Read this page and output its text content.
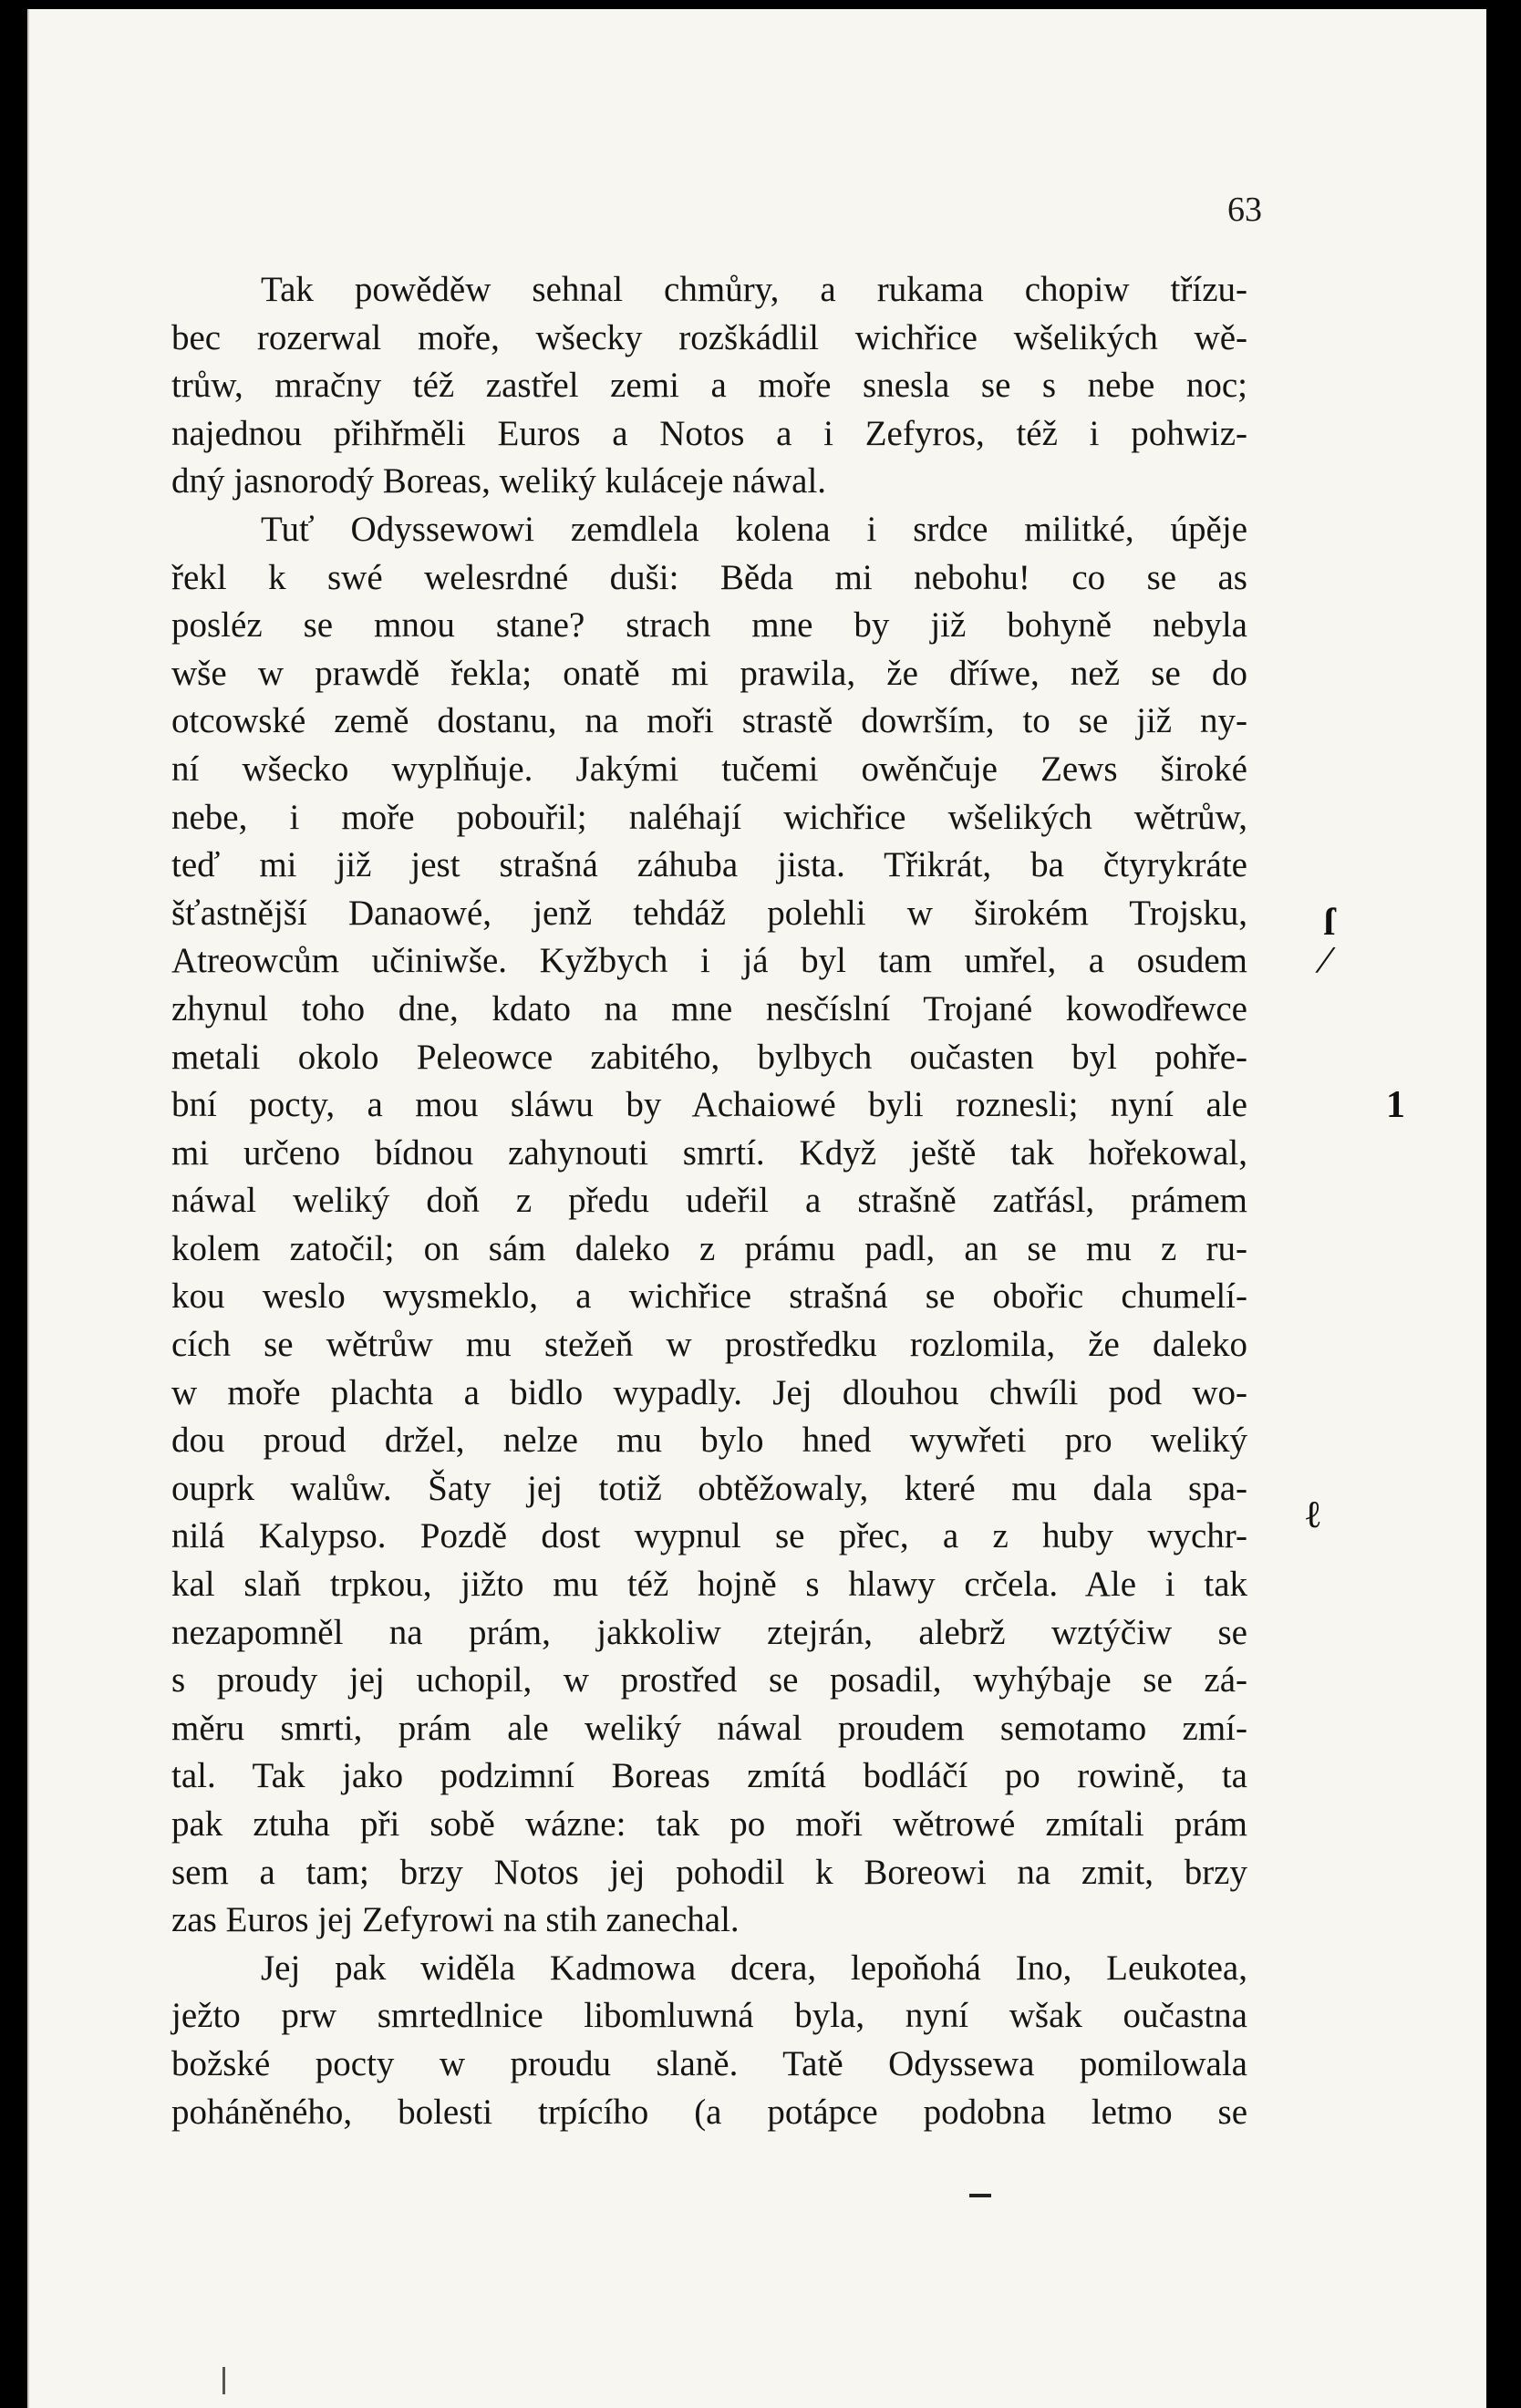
63
Tak powěděw sehnal chmůry, a rukama chopiw třízu-
bec rozerwal moře, wšecky rozškádlil wichřice wšelikých wě-
trůw, mračny též zastřel zemi a moře snesla se s nebe noc;
najednou přihřměli Euros a Notos a i Zefyros, též i pohwiz-
dný jasnorodý Boreas, weliký kuláceje náwal.
Tuť Odyssewowi zemdlela kolena i srdce militké, úpěje
řekl k swé welesrdné duši: Běda mi nebohu! co se as
posléz se mnou stane? strach mne by již bohyně nebyla
wše w prawdě řekla; onatě mi prawila, že dříwe, než se do
otcowské země dostanu, na moři strastě dowrším, to se již ny-
ní wšecko wyplňuje. Jakými tučemi owěnčuje Zews široké
nebe, i moře pobouřil; naléhají wichřice wšelikých wětrůw,
teď mi již jest strašná záhuba jista. Třikrát, ba čtyrykráte
šťastnější Danaowé, jenž tehdáž polehli w širokém Trojsku,
Atreowcům učiniwše. Kyžbych i já byl tam umřel, a osudem
zhynul toho dne, kdato na mne nesčíslní Trojané kowodřewce
metali okolo Peleowce zabitého, bylbych oučasten byl pohře-
bní pocty, a mou sláwu by Achaiowé byli roznesli; nyní ale
mi určeno bídnou zahynouti smrtí. Když ještě tak hořekowal,
náwal weliký doň z předu udeřil a strašně zatřásl, prámem
kolem zatočil; on sám daleko z prámu padl, an se mu z ru-
kou weslo wysmeklo, a wichřice strašná se obořic chumelí-
cích se wětrůw mu stežeň w prostředku rozlomila, že daleko
w moře plachta a bidlo wypadly. Jej dlouhou chwíli pod wo-
dou proud držel, nelze mu bylo hned wywřeti pro weliký
ouprk walůw. Šaty jej totiž obtěžowaly, které mu dala spa-
nilá Kalypso. Pozdě dost wypnul se přec, a z huby wychr-
kal slaň trpkou, jižto mu též hojně s hlawy crčela. Ale i tak
nezapomněl na prám, jakkoliw ztejrán, alebrž wztýčiw se
s proudy jej uchopil, w prostřed se posadil, wyhýbaje se zá-
měru smrti, prám ale weliký náwal proudem semotamo zmí-
tal. Tak jako podzimní Boreas zmítá bodláčí po rowině, ta
pak ztuha při sobě wázne: tak po moři wětrowé zmítali prám
sem a tam; brzy Notos jej pohodil k Boreowi na zmit, brzy
zas Euros jej Zefyrowi na stih zanechal.
Jej pak widěla Kadmowa dcera, lepoňohá Ino, Leukotea,
ježto prw smrtedlnice libomluwná byla, nyní wšak oučastna
božské pocty w proudu slaně. Tatě Odyssewa pomilowala
poháněného, bolesti trpícího (a potápce podobna letmo se
ſ
⁄
1
ℓ
